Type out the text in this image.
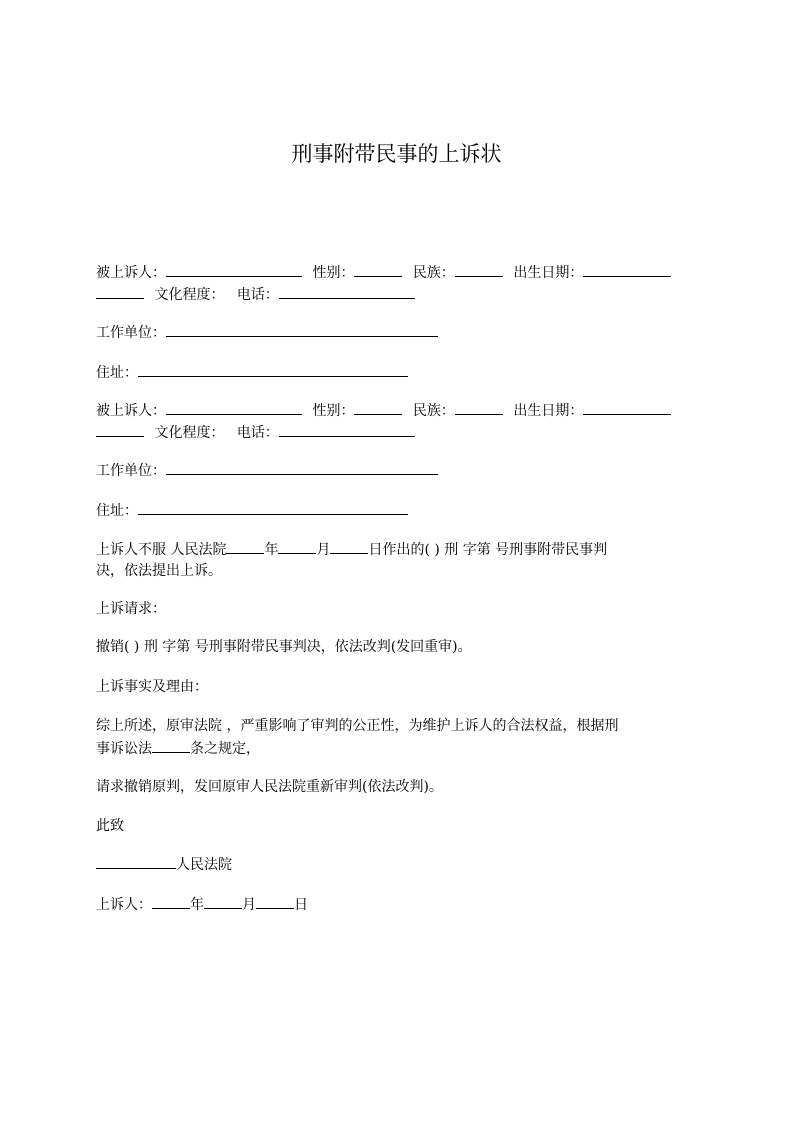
刑事附带民事的上诉状
被上诉人：	性别：	民族：	出生日期：
文化程度： 电话：
工作单位：
住址：
被上诉人：	性别：	民族：	出生日期：
文化程度： 电话：
工作单位：
住址：
上诉人不服 人民法院	年	月	日作出的( ) 刑 字第 号刑事附带民事判
决，依法提出上诉。
上诉请求：
撤销( ) 刑 字第 号刑事附带民事判决，依法改判(发回重审)。
上诉事实及理由：
综上所述，原审法院 ，严重影响了审判的公正性，为维护上诉人的合法权益，根据刑
事诉讼法	条之规定，
请求撤销原判，发回原审人民法院重新审判(依法改判)。
此致
人民法院
上诉人：	年	月	日
